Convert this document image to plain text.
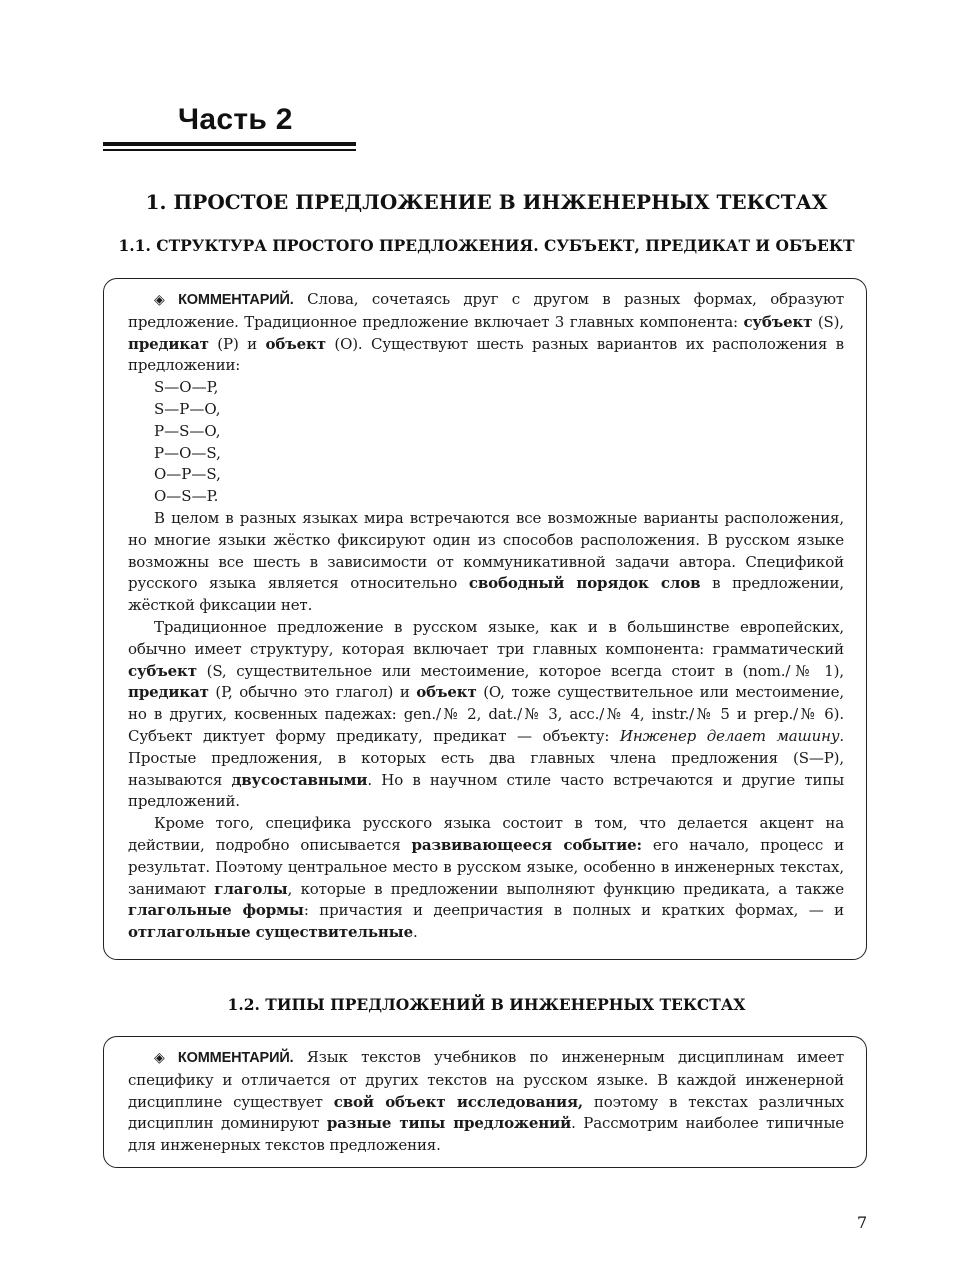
Часть 2
1. ПРОСТОЕ ПРЕДЛОЖЕНИЕ В ИНЖЕНЕРНЫХ ТЕКСТАХ
1.1. СТРУКТУРА ПРОСТОГО ПРЕДЛОЖЕНИЯ. СУБЪЕКТ, ПРЕДИКАТ И ОБЪЕКТ

◈ КОММЕНТАРИЙ. Слова, сочетаясь друг с другом в разных формах, образуют предложение. Традиционное предложение включает 3 главных компонента: субъект (S), предикат (P) и объект (O). Существуют шесть разных вариантов их расположения в предложении:

S—O—P,
S—P—O,
P—S—O,
P—O—S,
O—P—S,
O—S—P.

В целом в разных языках мира встречаются все возможные варианты расположения, но многие языки жёстко фиксируют один из способов расположения. В русском языке возможны все шесть в зависимости от коммуникативной задачи автора. Спецификой русского языка является относительно свободный порядок слов в предложении, жёсткой фиксации нет.

Традиционное предложение в русском языке, как и в большинстве европейских, обычно имеет структуру, которая включает три главных компонента: грамматический субъект (S, существительное или местоимение, которое всегда стоит в (nom./№ 1), предикат (P, обычно это глагол) и объект (O, тоже существительное или местоимение, но в других, косвенных падежах: gen./№ 2, dat./№ 3, acc./№ 4, instr./№ 5 и prep./№ 6). Субъект диктует форму предикату, предикат — объекту: Инженер делает машину. Простые предложения, в которых есть два главных члена предложения (S—P), называются двусоставными. Но в научном стиле часто встречаются и другие типы предложений.

Кроме того, специфика русского языка состоит в том, что делается акцент на действии, подробно описывается развивающееся событие: его начало, процесс и результат. Поэтому центральное место в русском языке, особенно в инженерных текстах, занимают глаголы, которые в предложении выполняют функцию предиката, а также глагольные формы: причастия и деепричастия в полных и кратких формах, — и отглагольные существительные.

1.2. ТИПЫ ПРЕДЛОЖЕНИЙ В ИНЖЕНЕРНЫХ ТЕКСТАХ

◈ КОММЕНТАРИЙ. Язык текстов учебников по инженерным дисциплинам имеет специфику и отличается от других текстов на русском языке. В каждой инженерной дисциплине существует свой объект исследования, поэтому в текстах различных дисциплин доминируют разные типы предложений. Рассмотрим наиболее типичные для инженерных текстов предложения.

7
